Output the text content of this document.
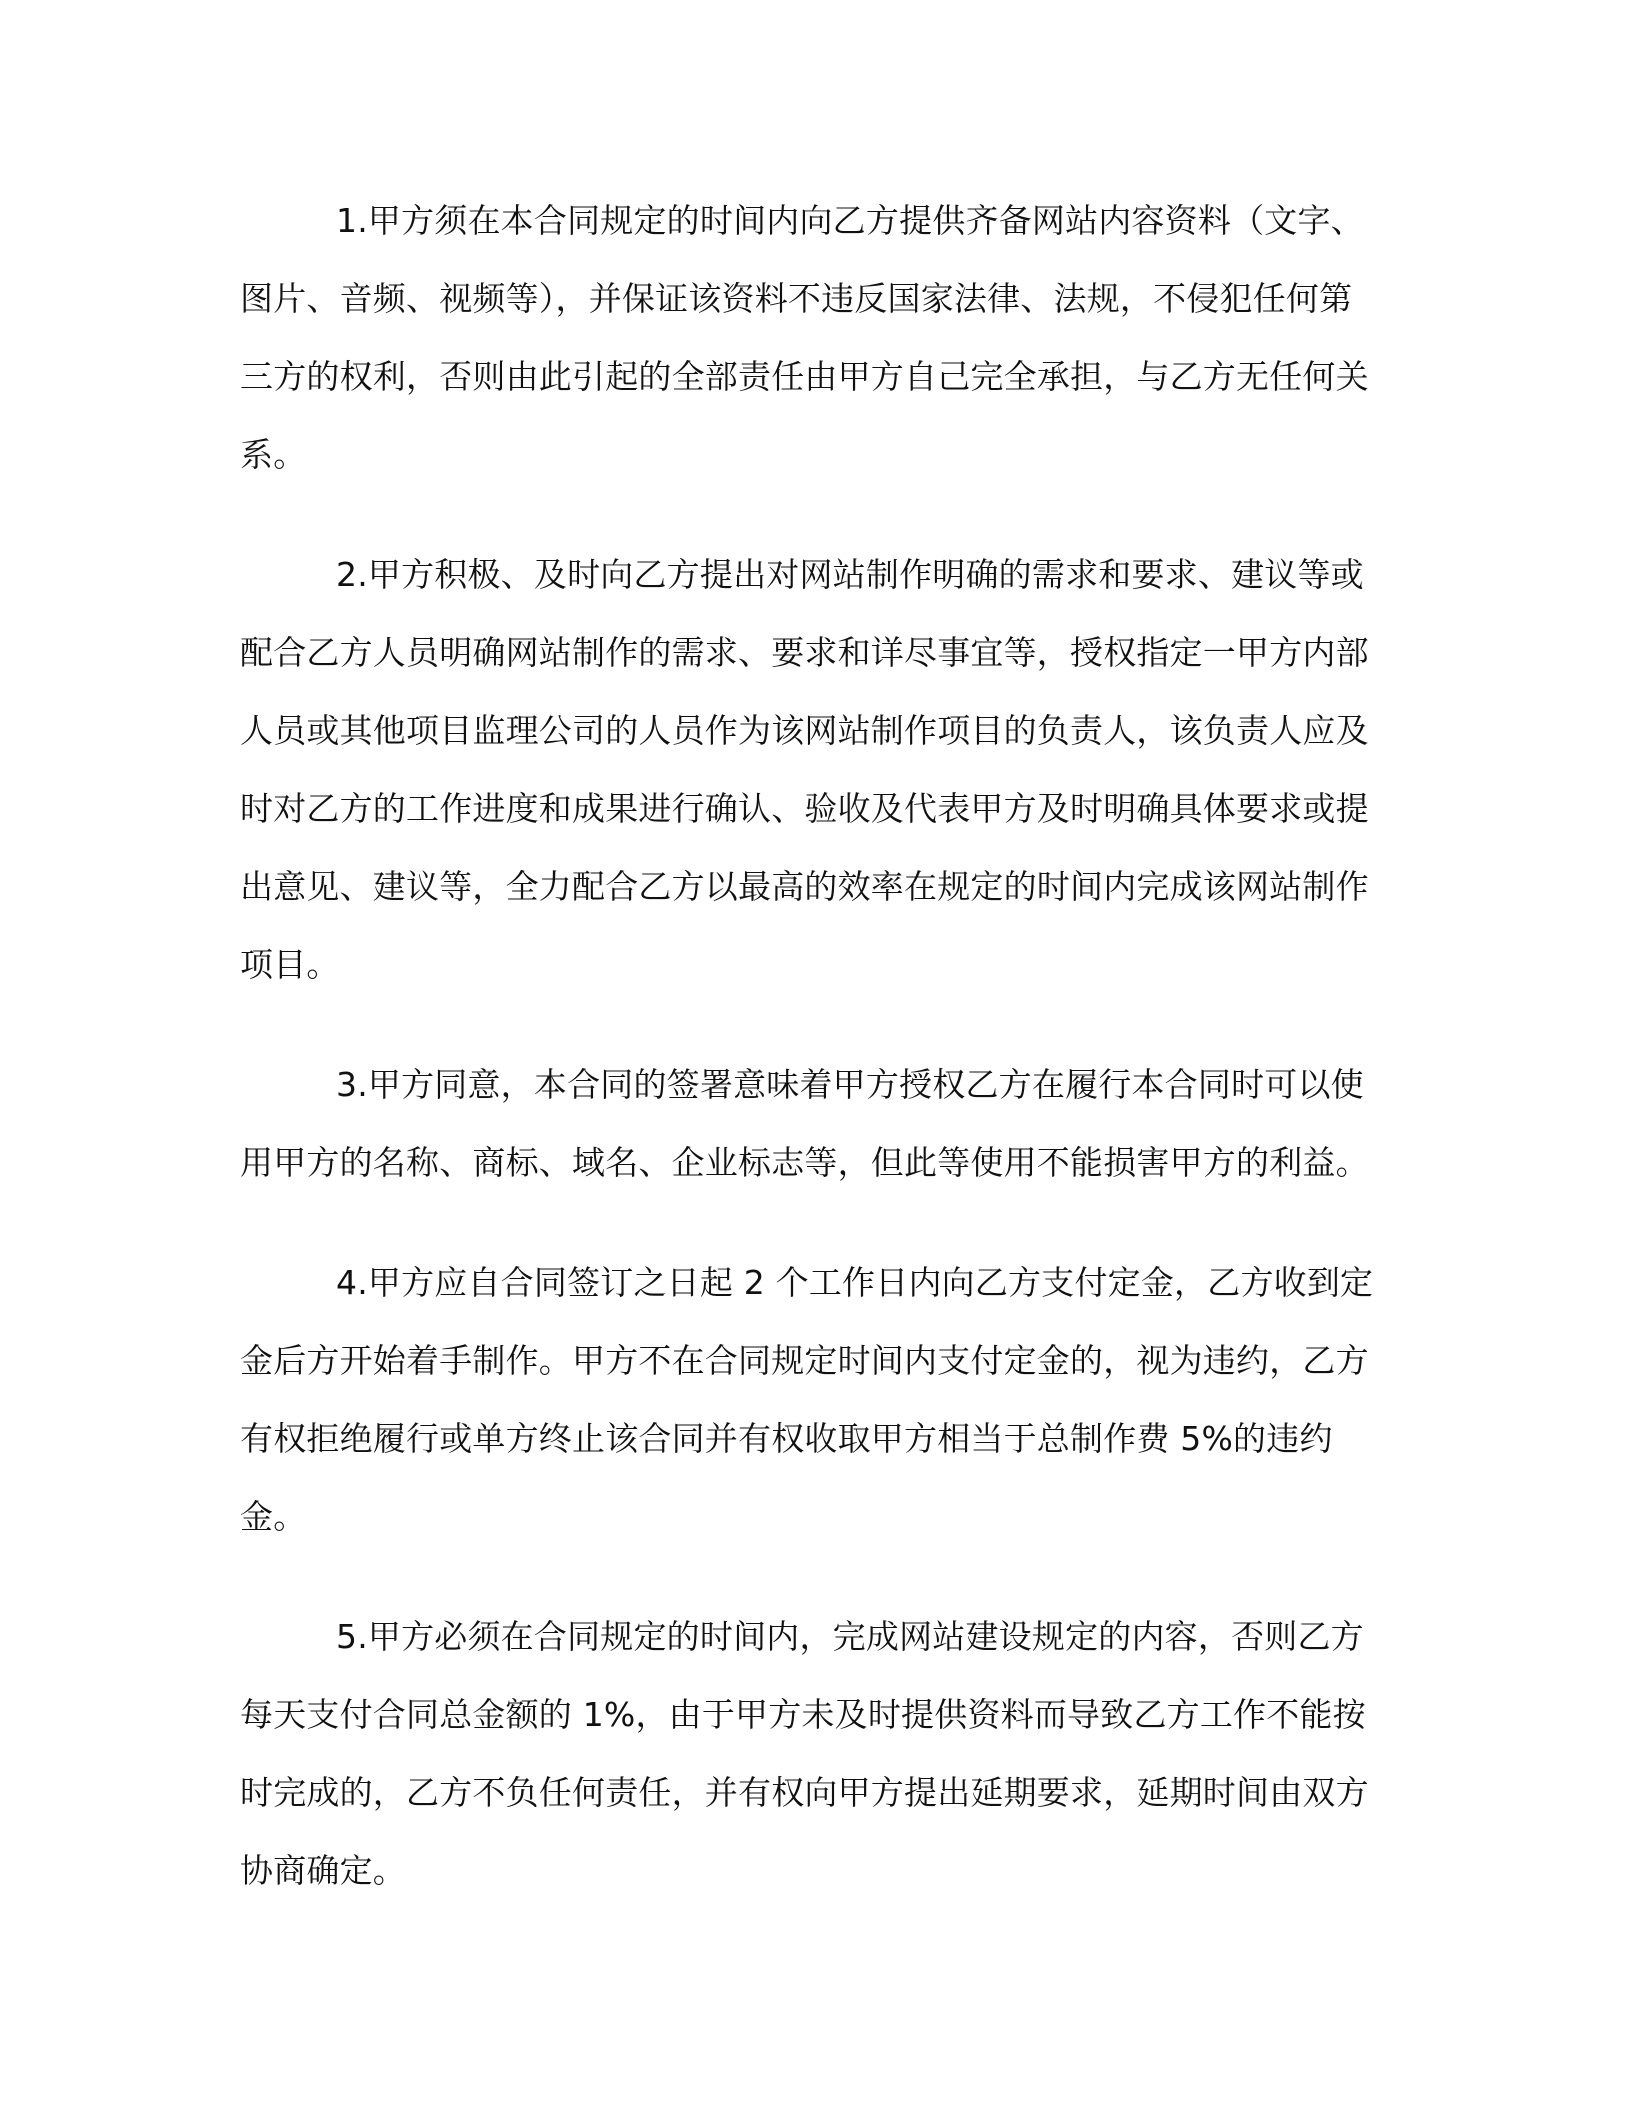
1.甲方须在本合同规定的时间内向乙方提供齐备网站内容资料（文字、图片、音频、视频等），并保证该资料不违反国家法律、法规，不侵犯任何第三方的权利，否则由此引起的全部责任由甲方自己完全承担，与乙方无任何关系。

2.甲方积极、及时向乙方提出对网站制作明确的需求和要求、建议等或配合乙方人员明确网站制作的需求、要求和详尽事宜等，授权指定一甲方内部人员或其他项目监理公司的人员作为该网站制作项目的负责人，该负责人应及时对乙方的工作进度和成果进行确认、验收及代表甲方及时明确具体要求或提出意见、建议等，全力配合乙方以最高的效率在规定的时间内完成该网站制作项目。

3.甲方同意，本合同的签署意味着甲方授权乙方在履行本合同时可以使用甲方的名称、商标、域名、企业标志等，但此等使用不能损害甲方的利益。

4.甲方应自合同签订之日起 2 个工作日内向乙方支付定金，乙方收到定金后方开始着手制作。甲方不在合同规定时间内支付定金的，视为违约，乙方有权拒绝履行或单方终止该合同并有权收取甲方相当于总制作费 5%的违约金。

5.甲方必须在合同规定的时间内，完成网站建设规定的内容，否则乙方每天支付合同总金额的 1%，由于甲方未及时提供资料而导致乙方工作不能按时完成的，乙方不负任何责任，并有权向甲方提出延期要求，延期时间由双方协商确定。
